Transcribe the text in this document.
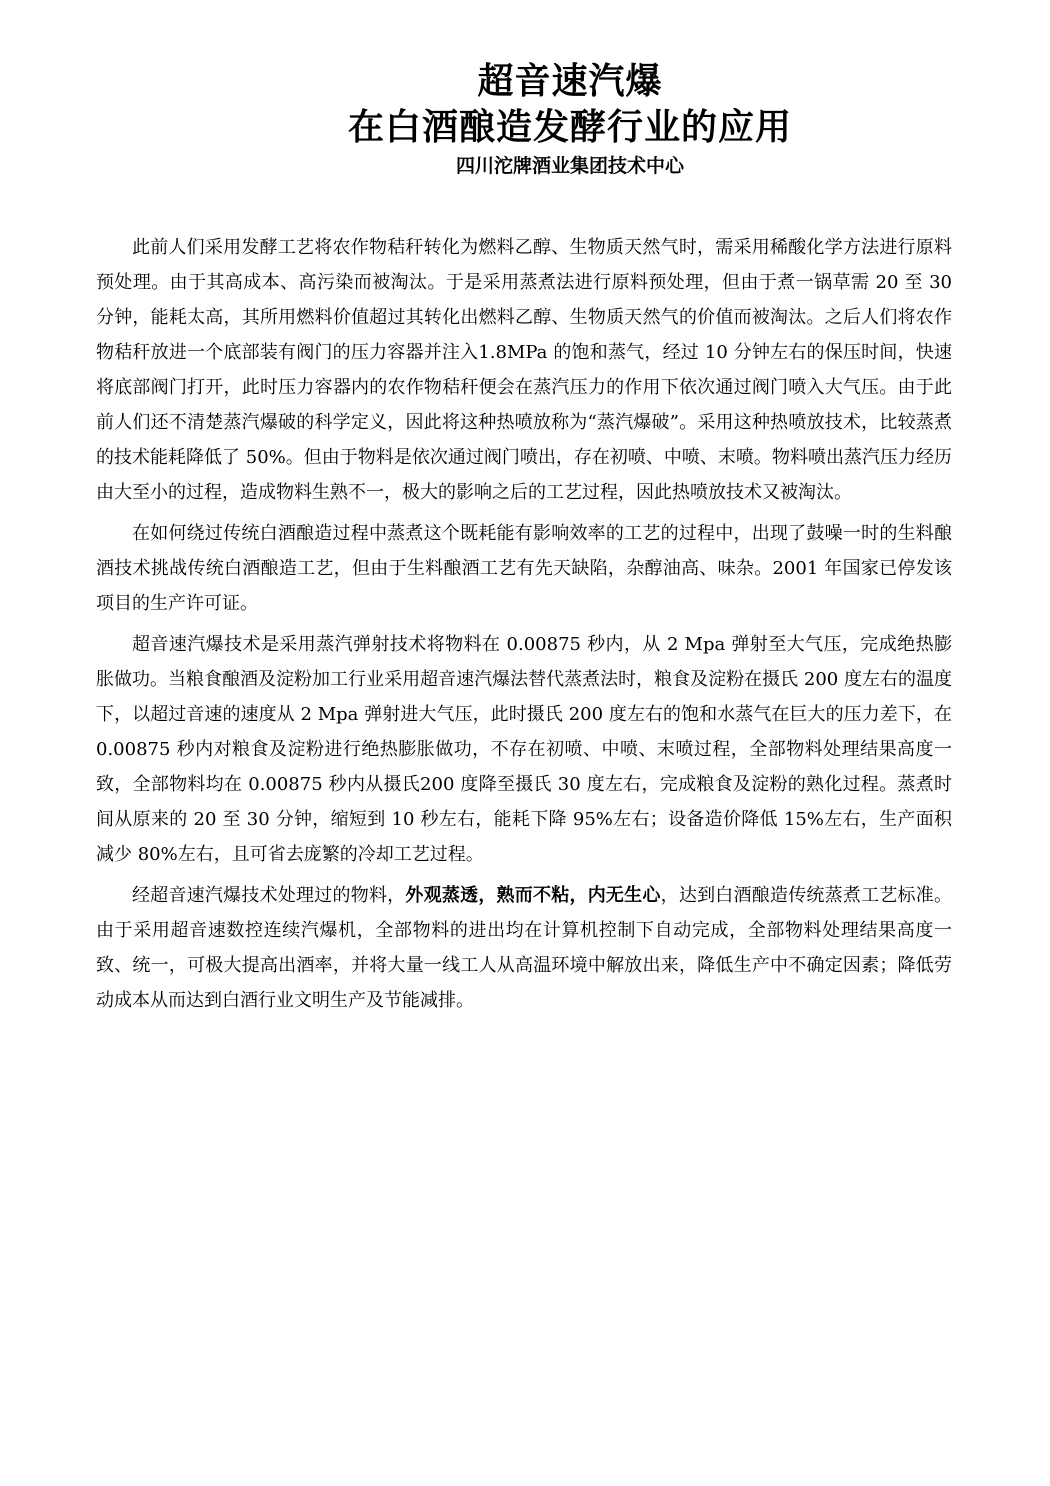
超音速汽爆
在白酒酿造发酵行业的应用
四川沱牌酒业集团技术中心

此前人们采用发酵工艺将农作物秸秆转化为燃料乙醇、生物质天然气时，需采用稀酸化学方法进行原料预处理。由于其高成本、高污染而被淘汰。于是采用蒸煮法进行原料预处理，但由于煮一锅草需 20 至 30 分钟，能耗太高，其所用燃料价值超过其转化出燃料乙醇、生物质天然气的价值而被淘汰。之后人们将农作物秸秆放进一个底部装有阀门的压力容器并注入1.8MPa 的饱和蒸气，经过 10 分钟左右的保压时间，快速将底部阀门打开，此时压力容器内的农作物秸秆便会在蒸汽压力的作用下依次通过阀门喷入大气压。由于此前人们还不清楚蒸汽爆破的科学定义，因此将这种热喷放称为“蒸汽爆破”。采用这种热喷放技术，比较蒸煮的技术能耗降低了 50%。但由于物料是依次通过阀门喷出，存在初喷、中喷、末喷。物料喷出蒸汽压力经历由大至小的过程，造成物料生熟不一，极大的影响之后的工艺过程，因此热喷放技术又被淘汰。

在如何绕过传统白酒酿造过程中蒸煮这个既耗能有影响效率的工艺的过程中，出现了鼓噪一时的生料酿酒技术挑战传统白酒酿造工艺，但由于生料酿酒工艺有先天缺陷，杂醇油高、味杂。2001 年国家已停发该项目的生产许可证。

超音速汽爆技术是采用蒸汽弹射技术将物料在 0.00875 秒内，从 2 Mpa 弹射至大气压，完成绝热膨胀做功。当粮食酿酒及淀粉加工行业采用超音速汽爆法替代蒸煮法时，粮食及淀粉在摄氏 200 度左右的温度下，以超过音速的速度从 2 Mpa 弹射进大气压，此时摄氏 200 度左右的饱和水蒸气在巨大的压力差下，在 0.00875 秒内对粮食及淀粉进行绝热膨胀做功，不存在初喷、中喷、末喷过程，全部物料处理结果高度一致，全部物料均在 0.00875 秒内从摄氏200 度降至摄氏 30 度左右，完成粮食及淀粉的熟化过程。蒸煮时间从原来的 20 至 30 分钟，缩短到 10 秒左右，能耗下降 95%左右；设备造价降低 15%左右，生产面积减少 80%左右，且可省去庞繁的冷却工艺过程。

经超音速汽爆技术处理过的物料，外观蒸透，熟而不粘，内无生心，达到白酒酿造传统蒸煮工艺标准。由于采用超音速数控连续汽爆机，全部物料的进出均在计算机控制下自动完成，全部物料处理结果高度一致、统一，可极大提高出酒率，并将大量一线工人从高温环境中解放出来，降低生产中不确定因素；降低劳动成本从而达到白酒行业文明生产及节能减排。
